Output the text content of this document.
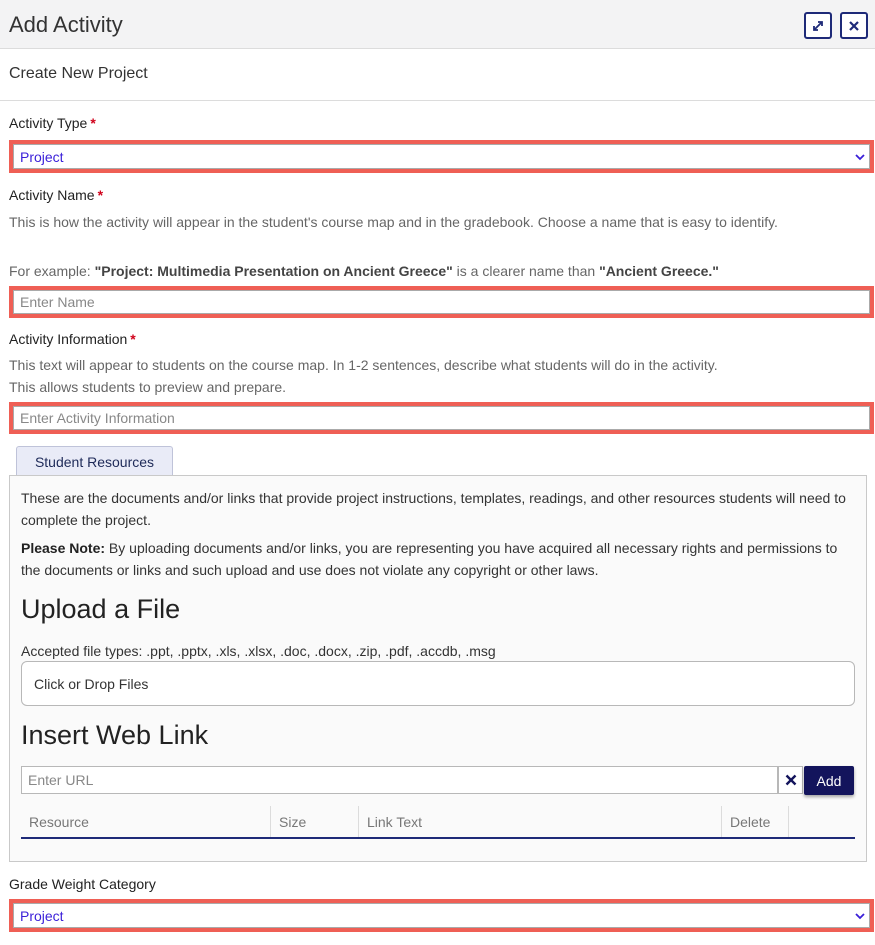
Add Activity
Create New Project
Activity Type *
Project
Activity Name *
This is how the activity will appear in the student's course map and in the gradebook. Choose a name that is easy to identify.
For example: "Project: Multimedia Presentation on Ancient Greece" is a clearer name than "Ancient Greece."
Enter Name
Activity Information *
This text will appear to students on the course map. In 1-2 sentences, describe what students will do in the activity.
This allows students to preview and prepare.
Enter Activity Information
Student Resources
These are the documents and/or links that provide project instructions, templates, readings, and other resources students will need to complete the project.
Please Note: By uploading documents and/or links, you are representing you have acquired all necessary rights and permissions to the documents or links and such upload and use does not violate any copyright or other laws.
Upload a File
Accepted file types: .ppt, .pptx, .xls, .xlsx, .doc, .docx, .zip, .pdf, .accdb, .msg
Click or Drop Files
Insert Web Link
Enter URL	Add
Resource	Size	Link Text	Delete
Grade Weight Category
Project
